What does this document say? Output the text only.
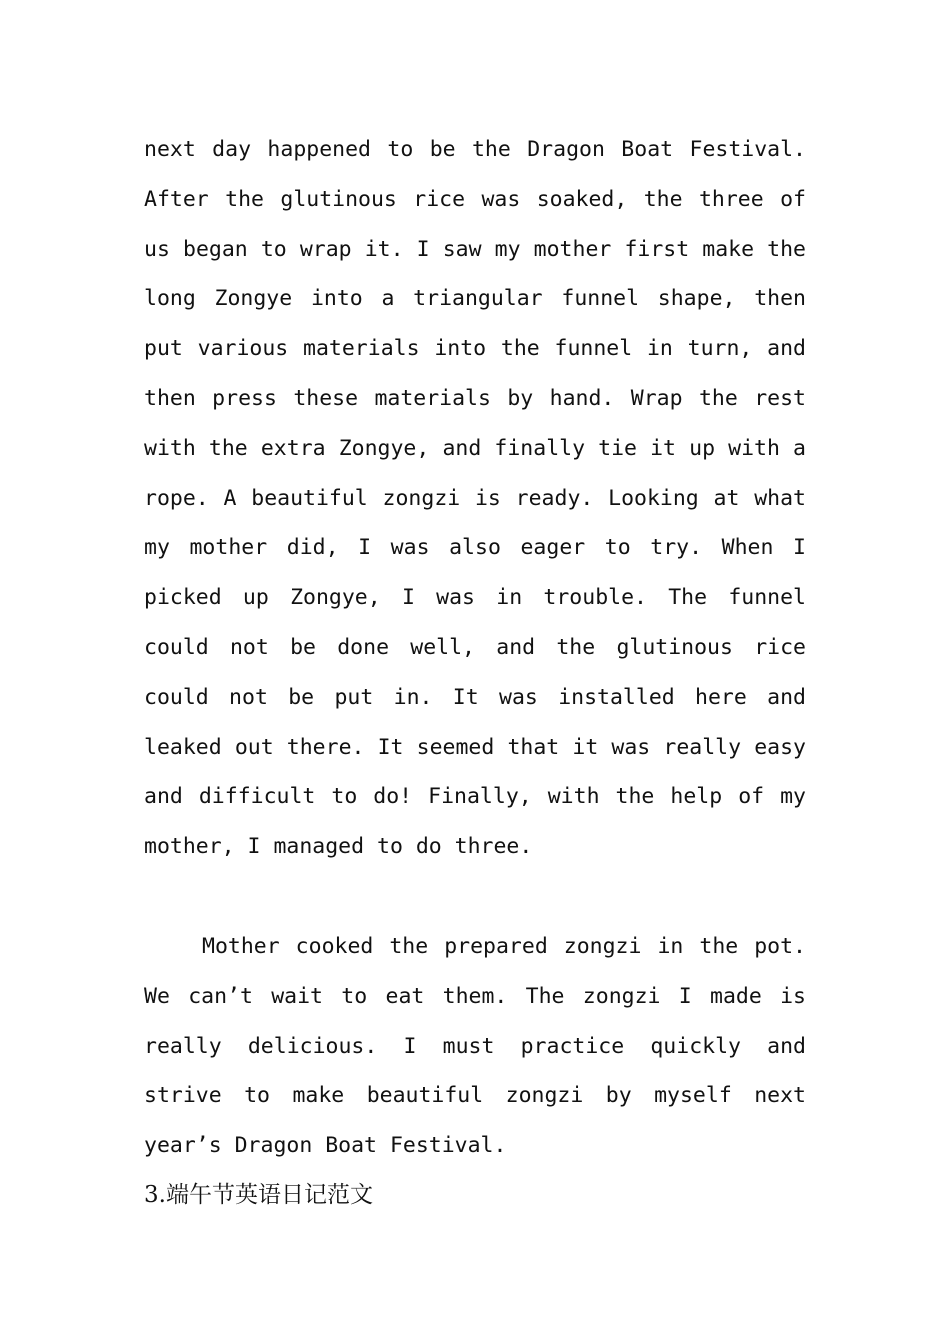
next day happened to be the Dragon Boat Festival.
After the glutinous rice was soaked, the three of
us began to wrap it. I saw my mother first make the
long Zongye into a triangular funnel shape, then
put various materials into the funnel in turn, and
then press these materials by hand. Wrap the rest
with the extra Zongye, and finally tie it up with a
rope. A beautiful zongzi is ready. Looking at what
my mother did, I was also eager to try. When I
picked up Zongye, I was in trouble. The funnel
could not be done well, and the glutinous rice
could not be put in. It was installed here and
leaked out there. It seemed that it was really easy
and difficult to do! Finally, with the help of my
mother, I managed to do three.
Mother cooked the prepared zongzi in the pot.
We can’t wait to eat them. The zongzi I made is
really delicious. I must practice quickly and
strive to make beautiful zongzi by myself next
year’s Dragon Boat Festival.
3.端午节英语日记范文
